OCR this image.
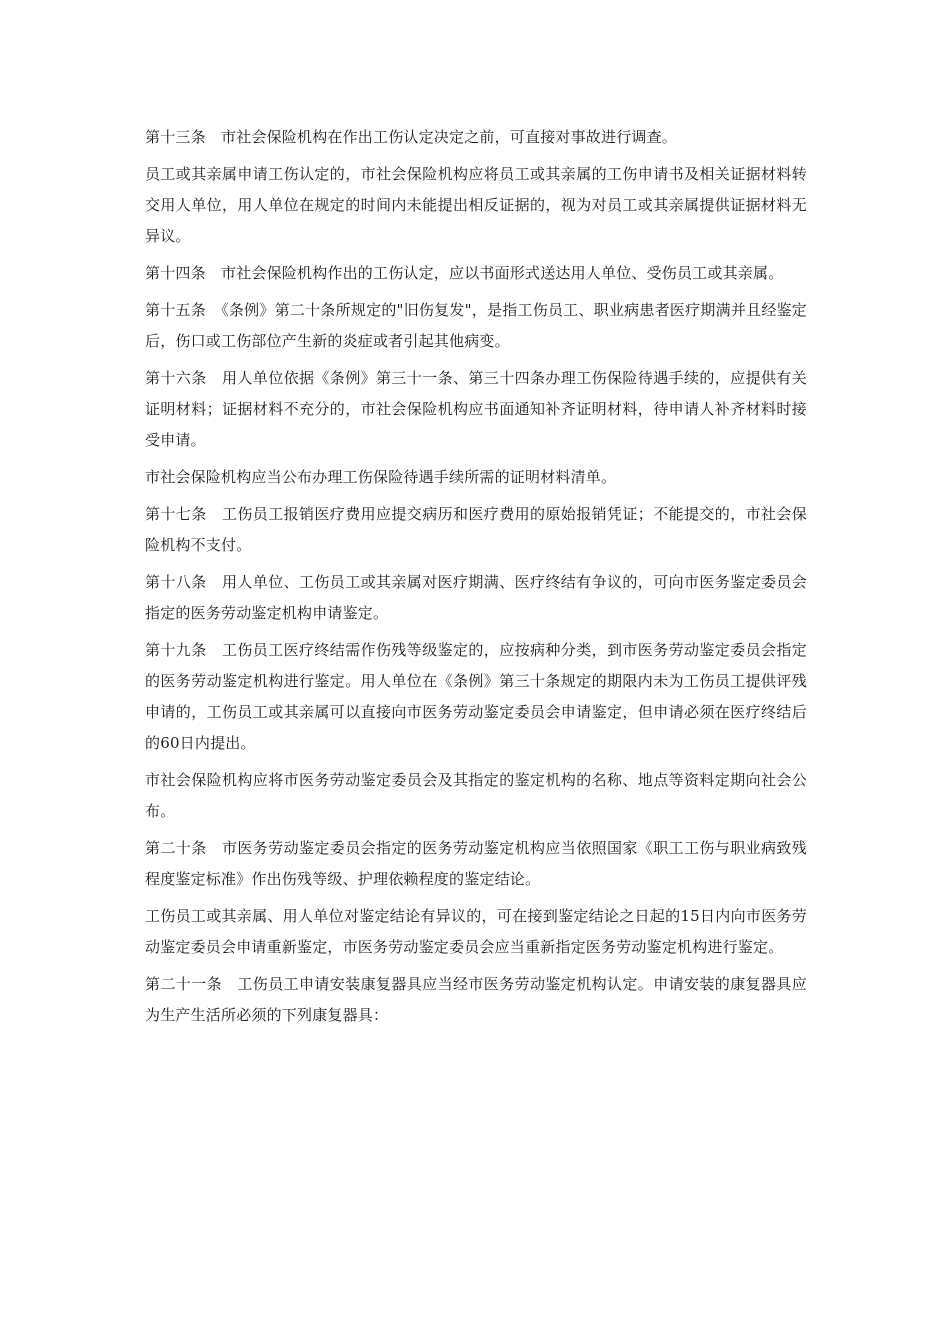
第十三条　市社会保险机构在作出工伤认定决定之前，可直接对事故进行调查。

员工或其亲属申请工伤认定的，市社会保险机构应将员工或其亲属的工伤申请书及相关证据材料转交用人单位，用人单位在规定的时间内未能提出相反证据的，视为对员工或其亲属提供证据材料无异议。

第十四条　市社会保险机构作出的工伤认定，应以书面形式送达用人单位、受伤员工或其亲属。

第十五条　《条例》第二十条所规定的"旧伤复发"，是指工伤员工、职业病患者医疗期满并且经鉴定后，伤口或工伤部位产生新的炎症或者引起其他病变。

第十六条　用人单位依据《条例》第三十一条、第三十四条办理工伤保险待遇手续的，应提供有关证明材料；证据材料不充分的，市社会保险机构应书面通知补齐证明材料，待申请人补齐材料时接受申请。

市社会保险机构应当公布办理工伤保险待遇手续所需的证明材料清单。

第十七条　工伤员工报销医疗费用应提交病历和医疗费用的原始报销凭证；不能提交的，市社会保险机构不支付。

第十八条　用人单位、工伤员工或其亲属对医疗期满、医疗终结有争议的，可向市医务鉴定委员会指定的医务劳动鉴定机构申请鉴定。

第十九条　工伤员工医疗终结需作伤残等级鉴定的，应按病种分类，到市医务劳动鉴定委员会指定的医务劳动鉴定机构进行鉴定。用人单位在《条例》第三十条规定的期限内未为工伤员工提供评残申请的，工伤员工或其亲属可以直接向市医务劳动鉴定委员会申请鉴定，但申请必须在医疗终结后的60日内提出。

市社会保险机构应将市医务劳动鉴定委员会及其指定的鉴定机构的名称、地点等资料定期向社会公布。

第二十条　市医务劳动鉴定委员会指定的医务劳动鉴定机构应当依照国家《职工工伤与职业病致残程度鉴定标准》作出伤残等级、护理依赖程度的鉴定结论。

工伤员工或其亲属、用人单位对鉴定结论有异议的，可在接到鉴定结论之日起的15日内向市医务劳动鉴定委员会申请重新鉴定，市医务劳动鉴定委员会应当重新指定医务劳动鉴定机构进行鉴定。

第二十一条　工伤员工申请安装康复器具应当经市医务劳动鉴定机构认定。申请安装的康复器具应为生产生活所必须的下列康复器具：
